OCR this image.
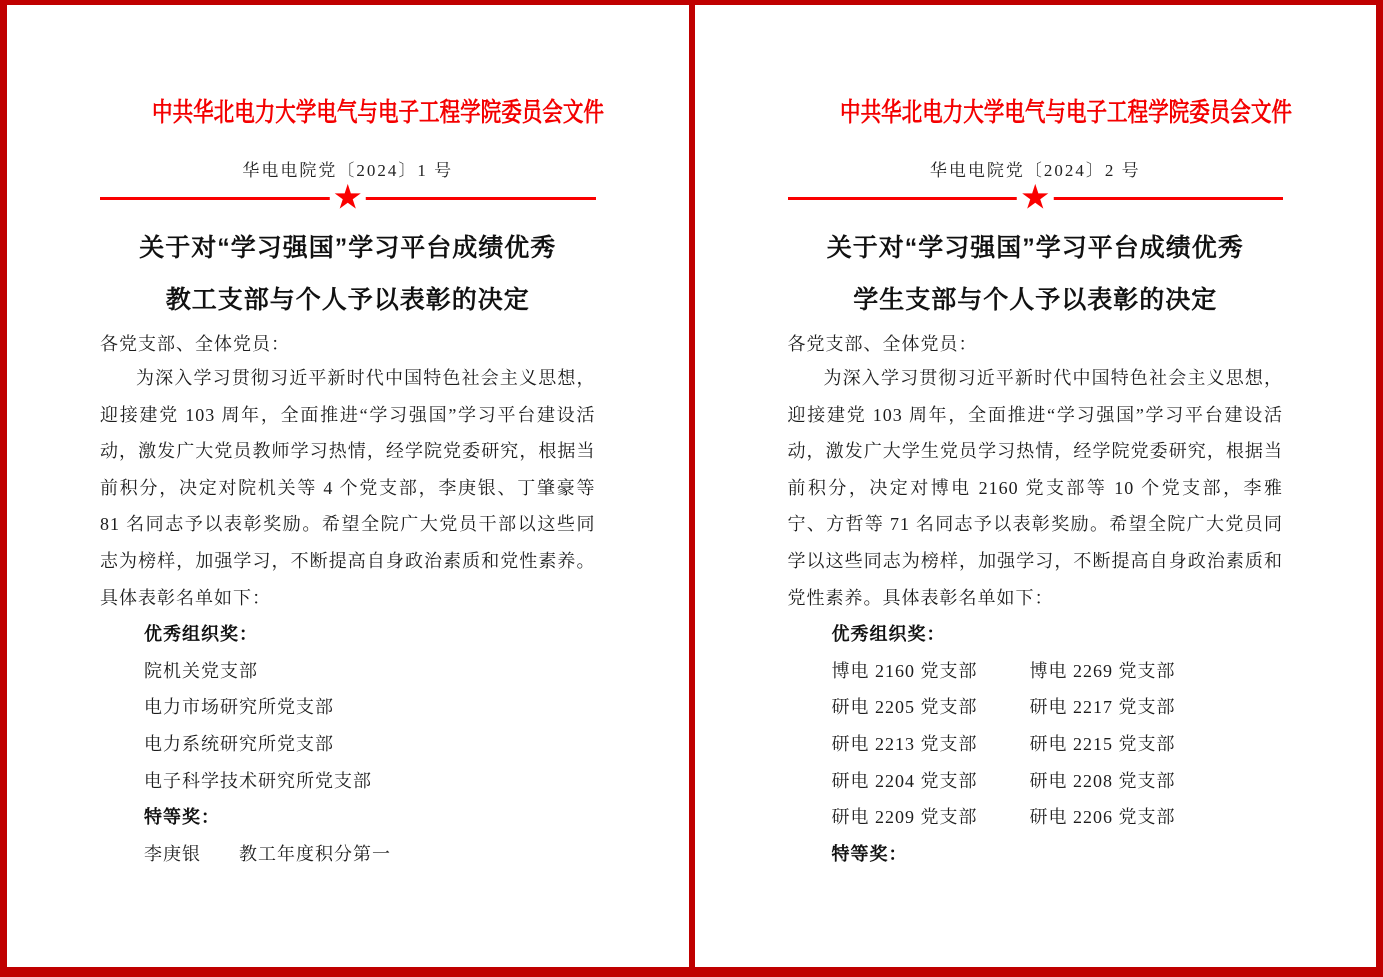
中共华北电力大学电气与电子工程学院委员会文件
华电电院党〔2024〕1 号
★
关于对“学习强国”学习平台成绩优秀
教工支部与个人予以表彰的决定
各党支部、全体党员：

为深入学习贯彻习近平新时代中国特色社会主义思想，迎接建党 103 周年，全面推进“学习强国”学习平台建设活动，激发广大党员教师学习热情，经学院党委研究，根据当前积分，决定对院机关等 4 个党支部，李庚银、丁肇豪等 81 名同志予以表彰奖励。希望全院广大党员干部以这些同志为榜样，加强学习，不断提高自身政治素质和党性素养。具体表彰名单如下：

优秀组织奖：
院机关党支部
电力市场研究所党支部
电力系统研究所党支部
电子科学技术研究所党支部
特等奖：
李庚银　　教工年度积分第一
中共华北电力大学电气与电子工程学院委员会文件
华电电院党〔2024〕2 号
★
关于对“学习强国”学习平台成绩优秀
学生支部与个人予以表彰的决定
各党支部、全体党员：

为深入学习贯彻习近平新时代中国特色社会主义思想，迎接建党 103 周年，全面推进“学习强国”学习平台建设活动，激发广大学生党员学习热情，经学院党委研究，根据当前积分，决定对博电 2160 党支部等 10 个党支部，李雅宁、方哲等 71 名同志予以表彰奖励。希望全院广大党员同学以这些同志为榜样，加强学习，不断提高自身政治素质和党性素养。具体表彰名单如下：

优秀组织奖：
博电 2160 党支部	博电 2269 党支部
研电 2205 党支部	研电 2217 党支部
研电 2213 党支部	研电 2215 党支部
研电 2204 党支部	研电 2208 党支部
研电 2209 党支部	研电 2206 党支部
特等奖：
